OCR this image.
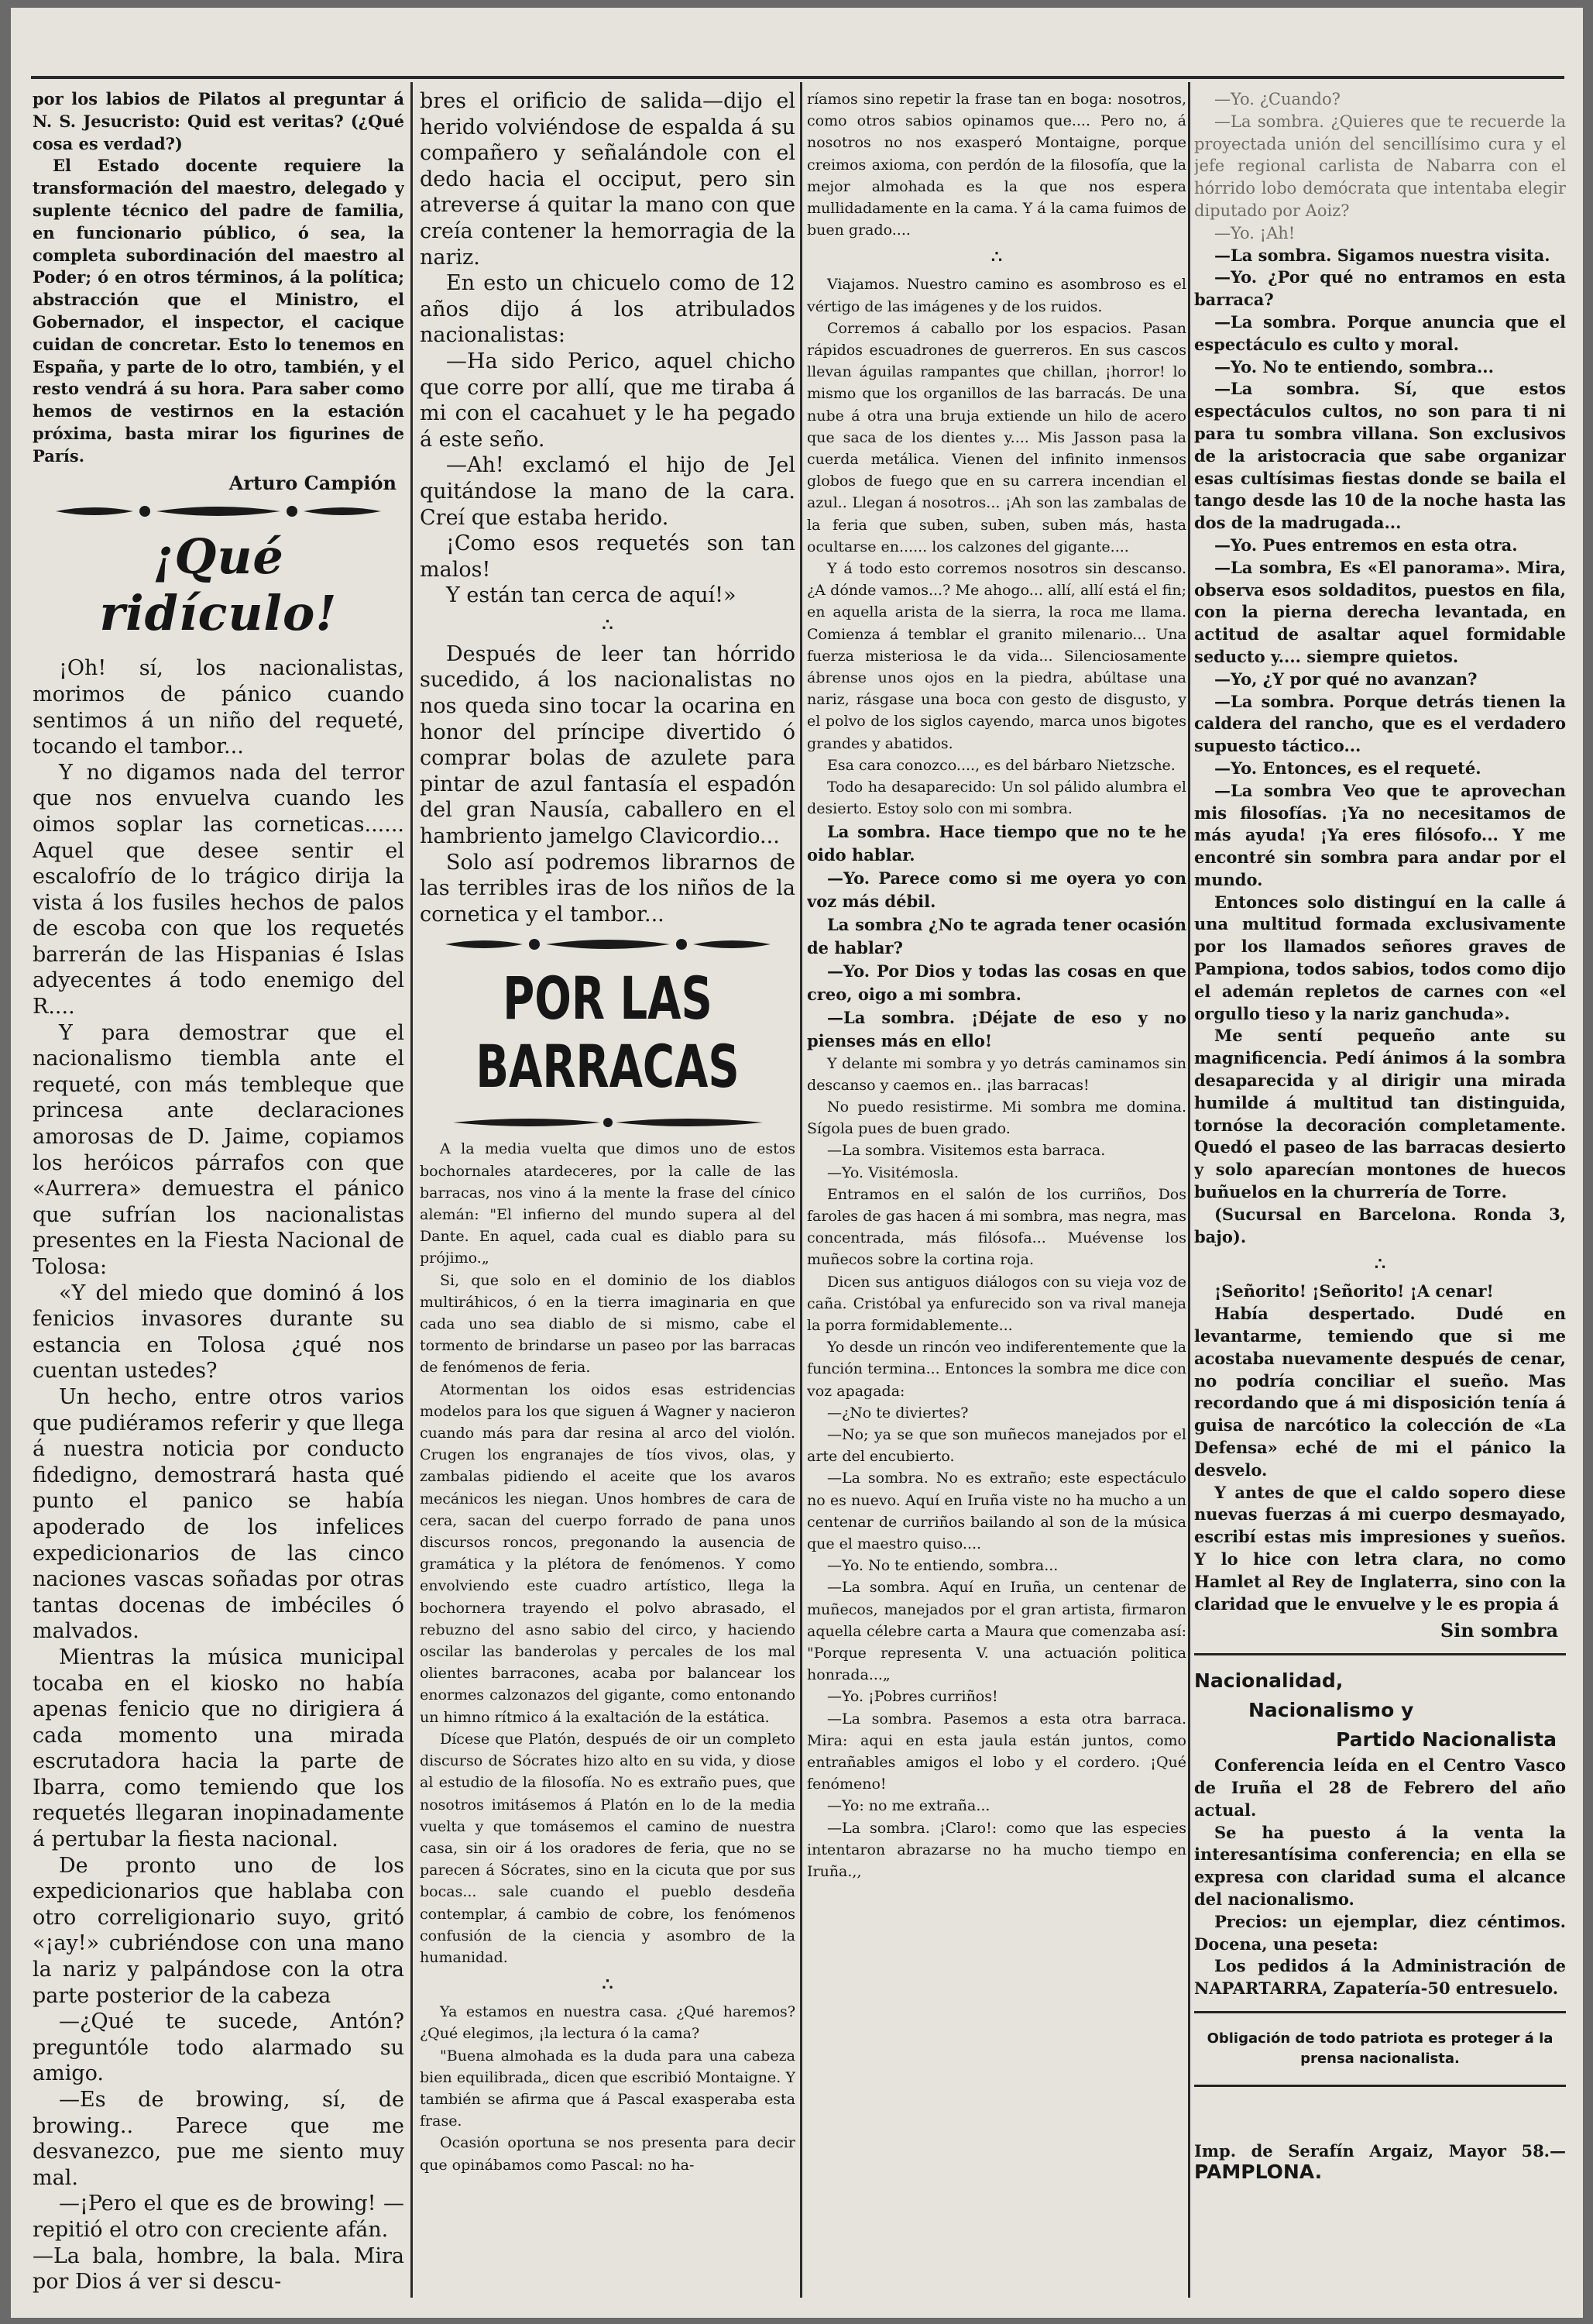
por los labios de Pilatos al preguntar á N. S. Jesucristo: Quid est veritas? (¿Qué cosa es verdad?)

El Estado docente requiere la transformación del maestro, delegado y suplente técnico del padre de familia, en funcionario público, ó sea, la completa subordinación del maestro al Poder; ó en otros términos, á la política; abstracción que el Ministro, el Gobernador, el inspector, el cacique cuidan de concretar. Esto lo tenemos en España, y parte de lo otro, también, y el resto vendrá á su hora. Para saber como hemos de vestirnos en la estación próxima, basta mirar los figurines de París.

Arturo Campión

¡Qué ridículo!

¡Oh! sí, los nacionalistas, morimos de pánico cuando sentimos á un niño del requeté, tocando el tambor...

Y no digamos nada del terror que nos envuelva cuando les oimos soplar las corneticas...... Aquel que desee sentir el escalofrío de lo trágico dirija la vista á los fusiles hechos de palos de escoba con que los requetés barrerán de las Hispanias é Islas adyecentes á todo enemigo del R....

Y para demostrar que el nacionalismo tiembla ante el requeté, con más tembleque que princesa ante declaraciones amorosas de D. Jaime, copiamos los heróicos párrafos con que «Aurrera» demuestra el pánico que sufrían los nacionalistas presentes en la Fiesta Nacional de Tolosa:

«Y del miedo que dominó á los fenicios invasores durante su estancia en Tolosa ¿qué nos cuentan ustedes?

Un hecho, entre otros varios que pudiéramos referir y que llega á nuestra noticia por conducto fidedigno, demostrará hasta qué punto el panico se había apoderado de los infelices expedicionarios de las cinco naciones vascas soñadas por otras tantas docenas de imbéciles ó malvados.

Mientras la música municipal tocaba en el kiosko no había apenas fenicio que no dirigiera á cada momento una mirada escrutadora hacia la parte de Ibarra, como temiendo que los requetés llegaran inopinadamente á pertubar la fiesta nacional.

De pronto uno de los expedicionarios que hablaba con otro correligionario suyo, gritó «¡ay!» cubriéndose con una mano la nariz y palpándose con la otra parte posterior de la cabeza

—¿Qué te sucede, Antón? preguntóle todo alarmado su amigo.

—Es de browing, sí, de browing.. Parece que me desvanezco, pue me siento muy mal.

—¡Pero el que es de browing! —repitió el otro con creciente afán.

—La bala, hombre, la bala. Mira por Dios á ver si descu-

bres el orificio de salida—dijo el herido volviéndose de espalda á su compañero y señalándole con el dedo hacia el occiput, pero sin atreverse á quitar la mano con que creía contener la hemorragia de la nariz.

En esto un chicuelo como de 12 años dijo á los atribulados nacionalistas:

—Ha sido Perico, aquel chicho que corre por allí, que me tiraba á mi con el cacahuet y le ha pegado á este seño.

—Ah! exclamó el hijo de Jel quitándose la mano de la cara. Creí que estaba herido.

¡Como esos requetés son tan malos!

Y están tan cerca de aquí!»

∴

Después de leer tan hórrido sucedido, á los nacionalistas no nos queda sino tocar la ocarina en honor del príncipe divertido ó comprar bolas de azulete para pintar de azul fantasía el espadón del gran Nausía, caballero en el hambriento jamelgo Clavicordio...

Solo así podremos librarnos de las terribles iras de los niños de la cornetica y el tambor...

POR LAS BARRACAS

A la media vuelta que dimos uno de estos bochornales atardeceres, por la calle de las barracas, nos vino á la mente la frase del cínico alemán: "El infierno del mundo supera al del Dante. En aquel, cada cual es diablo para su prójimo.„

Si, que solo en el dominio de los diablos multiráhicos, ó en la tierra imaginaria en que cada uno sea diablo de si mismo, cabe el tormento de brindarse un paseo por las barracas de fenómenos de feria.

Atormentan los oidos esas estridencias modelos para los que siguen á Wagner y nacieron cuando más para dar resina al arco del violón. Crugen los engranajes de tíos vivos, olas, y zambalas pidiendo el aceite que los avaros mecánicos les niegan. Unos hombres de cara de cera, sacan del cuerpo forrado de pana unos discursos roncos, pregonando la ausencia de gramática y la plétora de fenómenos. Y como envolviendo este cuadro artístico, llega la bochornera trayendo el polvo abrasado, el rebuzno del asno sabio del circo, y haciendo oscilar las banderolas y percales de los mal olientes barracones, acaba por balancear los enormes calzonazos del gigante, como entonando un himno rítmico á la exaltación de la estática.

Dícese que Platón, después de oir un completo discurso de Sócrates hizo alto en su vida, y diose al estudio de la filosofía. No es extraño pues, que nosotros imitásemos á Platón en lo de la media vuelta y que tomásemos el camino de nuestra casa, sin oir á los oradores de feria, que no se parecen á Sócrates, sino en la cicuta que por sus bocas... sale cuando el pueblo desdeña contemplar, á cambio de cobre, los fenómenos confusión de la ciencia y asombro de la humanidad.

∴

Ya estamos en nuestra casa. ¿Qué haremos? ¿Qué elegimos, ¡la lectura ó la cama?

"Buena almohada es la duda para una cabeza bien equilibrada„ dicen que escribió Montaigne. Y también se afirma que á Pascal exasperaba esta frase.

Ocasión oportuna se nos presenta para decir que opinábamos como Pascal: no ha-

ríamos sino repetir la frase tan en boga: nosotros, como otros sabios opinamos que.... Pero no, á nosotros no nos exasperó Montaigne, porque creimos axioma, con perdón de la filosofía, que la mejor almohada es la que nos espera mullidadamente en la cama. Y á la cama fuimos de buen grado....

∴

Viajamos. Nuestro camino es asombroso es el vértigo de las imágenes y de los ruidos.

Corremos á caballo por los espacios. Pasan rápidos escuadrones de guerreros. En sus cascos llevan águilas rampantes que chillan, ¡horror! lo mismo que los organillos de las barracás. De una nube á otra una bruja extiende un hilo de acero que saca de los dientes y.... Mis Jasson pasa la cuerda metálica. Vienen del infinito inmensos globos de fuego que en su carrera incendian el azul.. Llegan á nosotros... ¡Ah son las zambalas de la feria que suben, suben, suben más, hasta ocultarse en...... los calzones del gigante....

Y á todo esto corremos nosotros sin descanso. ¿A dónde vamos...? Me ahogo... allí, allí está el fin; en aquella arista de la sierra, la roca me llama. Comienza á temblar el granito milenario... Una fuerza misteriosa le da vida... Silenciosamente ábrense unos ojos en la piedra, abúltase una nariz, rásgase una boca con gesto de disgusto, y el polvo de los siglos cayendo, marca unos bigotes grandes y abatidos.

Esa cara conozco...., es del bárbaro Nietzsche.

Todo ha desaparecido: Un sol pálido alumbra el desierto. Estoy solo con mi sombra.

La sombra. Hace tiempo que no te he oido hablar.

—Yo. Parece como si me oyera yo con voz más débil.

La sombra ¿No te agrada tener ocasión de hablar?

—Yo. Por Dios y todas las cosas en que creo, oigo a mi sombra.

—La sombra. ¡Déjate de eso y no pienses más en ello!

Y delante mi sombra y yo detrás caminamos sin descanso y caemos en.. ¡las barracas!

No puedo resistirme. Mi sombra me domina. Sígola pues de buen grado.

—La sombra. Visitemos esta barraca.

—Yo. Visitémosla.

Entramos en el salón de los curriños, Dos faroles de gas hacen á mi sombra, mas negra, mas concentrada, más filósofa... Muévense los muñecos sobre la cortina roja.

Dicen sus antiguos diálogos con su vieja voz de caña. Cristóbal ya enfurecido son va rival maneja la porra formidablemente...

Yo desde un rincón veo indiferentemente que la función termina... Entonces la sombra me dice con voz apagada:

—¿No te diviertes?

—No; ya se que son muñecos manejados por el arte del encubierto.

—La sombra. No es extraño; este espectáculo no es nuevo. Aquí en Iruña viste no ha mucho a un centenar de curriños bailando al son de la música que el maestro quiso....

—Yo. No te entiendo, sombra...

—La sombra. Aquí en Iruña, un centenar de muñecos, manejados por el gran artista, firmaron aquella célebre carta a Maura que comenzaba así: "Porque representa V. una actuación politica honrada...„

—Yo. ¡Pobres curriños!

—La sombra. Pasemos a esta otra barraca. Mira: aqui en esta jaula están juntos, como entrañables amigos el lobo y el cordero. ¡Qué fenómeno!

—Yo: no me extraña...

—La sombra. ¡Claro!: como que las especies intentaron abrazarse no ha mucho tiempo en Iruña.,,

—Yo. ¿Cuando?

—La sombra. ¿Quieres que te recuerde la proyectada unión del sencillísimo cura y el jefe regional carlista de Nabarra con el hórrido lobo demócrata que intentaba elegir diputado por Aoiz?

—Yo. ¡Ah!

—La sombra. Sigamos nuestra visita.

—Yo. ¿Por qué no entramos en esta barraca?

—La sombra. Porque anuncia que el espectáculo es culto y moral.

—Yo. No te entiendo, sombra...

—La sombra. Sí, que estos espectáculos cultos, no son para ti ni para tu sombra villana. Son exclusivos de la aristocracia que sabe organizar esas cultísimas fiestas donde se baila el tango desde las 10 de la noche hasta las dos de la madrugada...

—Yo. Pues entremos en esta otra.

—La sombra, Es «El panorama». Mira, observa esos soldaditos, puestos en fila, con la pierna derecha levantada, en actitud de asaltar aquel formidable seducto y.... siempre quietos.

—Yo, ¿Y por qué no avanzan?

—La sombra. Porque detrás tienen la caldera del rancho, que es el verdadero supuesto táctico...

—Yo. Entonces, es el requeté.

—La sombra Veo que te aprovechan mis filosofías. ¡Ya no necesitamos de más ayuda! ¡Ya eres filósofo... Y me encontré sin sombra para andar por el mundo.

Entonces solo distinguí en la calle á una multitud formada exclusivamente por los llamados señores graves de Pampiona, todos sabios, todos como dijo el ademán repletos de carnes con «el orgullo tieso y la nariz ganchuda».

Me sentí pequeño ante su magnificencia. Pedí ánimos á la sombra desaparecida y al dirigir una mirada humilde á multitud tan distinguida, tornóse la decoración completamente. Quedó el paseo de las barracas desierto y solo aparecían montones de huecos buñuelos en la churrería de Torre.

(Sucursal en Barcelona. Ronda 3, bajo).

∴

¡Señorito! ¡Señorito! ¡A cenar!

Había despertado. Dudé en levantarme, temiendo que si me acostaba nuevamente después de cenar, no podría conciliar el sueño. Mas recordando que á mi disposición tenía á guisa de narcótico la colección de «La Defensa» eché de mi el pánico la desvelo.

Y antes de que el caldo sopero diese nuevas fuerzas á mi cuerpo desmayado, escribí estas mis impresiones y sueños. Y lo hice con letra clara, no como Hamlet al Rey de Inglaterra, sino con la claridad que le envuelve y le es propia á

Sin sombra

Nacionalidad,
Nacionalismo y
Partido Nacionalista

Conferencia leída en el Centro Vasco de Iruña el 28 de Febrero del año actual.

Se ha puesto á la venta la interesantísima conferencia; en ella se expresa con claridad suma el alcance del nacionalismo.

Precios: un ejemplar, diez céntimos. Docena, una peseta:

Los pedidos á la Administración de NAPARTARRA, Zapatería-50 entresuelo.

Obligación de todo patriota es proteger á la prensa nacionalista.

Imp. de Serafín Argaiz, Mayor 58.—PAMPLONA.
